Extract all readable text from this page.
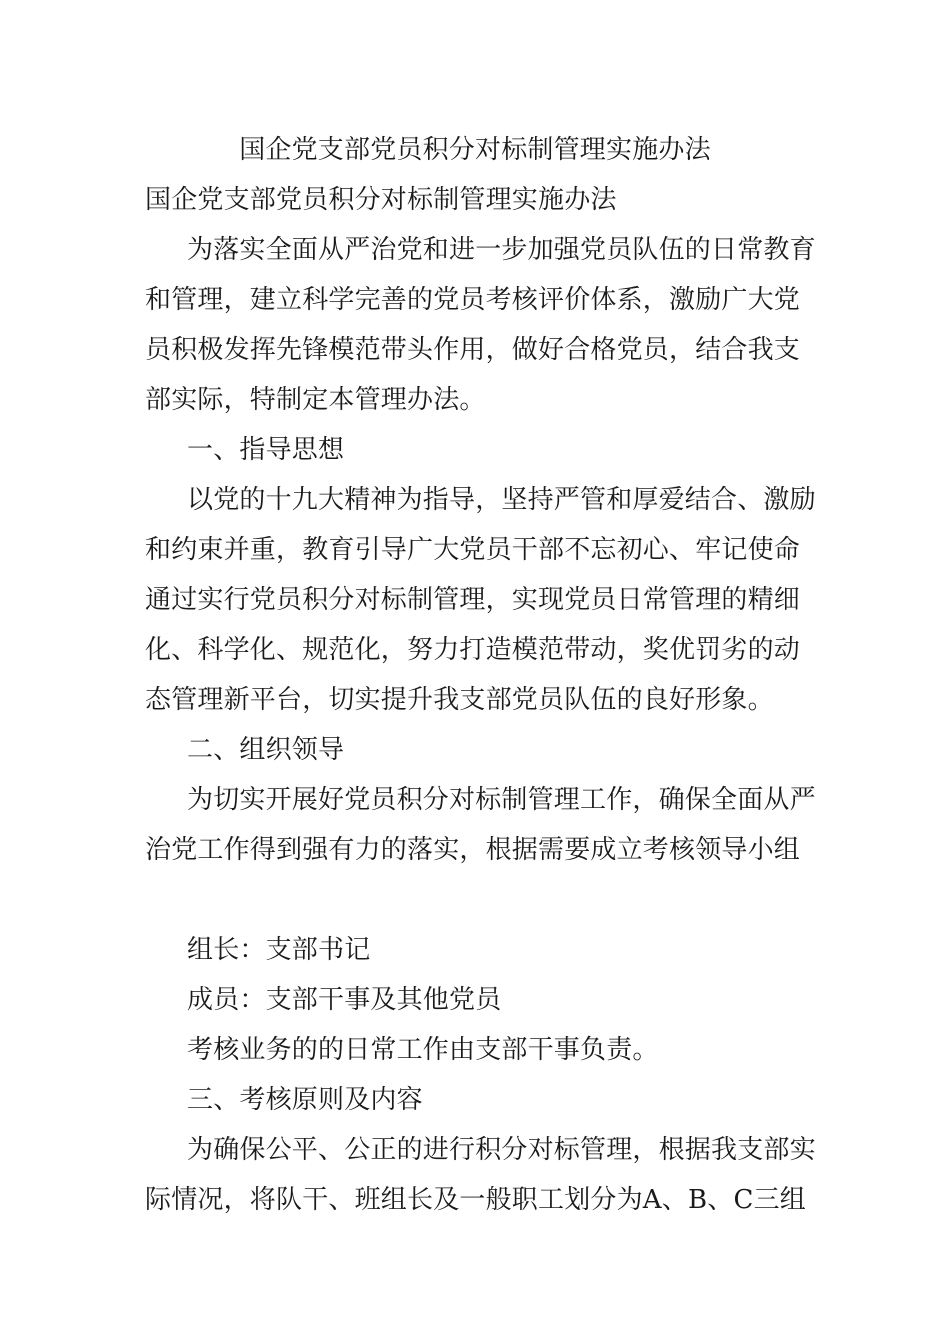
国企党支部党员积分对标制管理实施办法
国企党支部党员积分对标制管理实施办法
为落实全面从严治党和进一步加强党员队伍的日常教育
和管理，建立科学完善的党员考核评价体系，激励广大党
员积极发挥先锋模范带头作用，做好合格党员，结合我支
部实际，特制定本管理办法。
一、指导思想
以党的十九大精神为指导，坚持严管和厚爱结合、激励
和约束并重，教育引导广大党员干部不忘初心、牢记使命
通过实行党员积分对标制管理，实现党员日常管理的精细
化、科学化、规范化，努力打造模范带动，奖优罚劣的动
态管理新平台，切实提升我支部党员队伍的良好形象。
二、组织领导
为切实开展好党员积分对标制管理工作，确保全面从严
治党工作得到强有力的落实，根据需要成立考核领导小组
组长：支部书记
成员：支部干事及其他党员
考核业务的的日常工作由支部干事负责。
三、考核原则及内容
为确保公平、公正的进行积分对标管理，根据我支部实
际情况，将队干、班组长及一般职工划分为A、B、C三组
